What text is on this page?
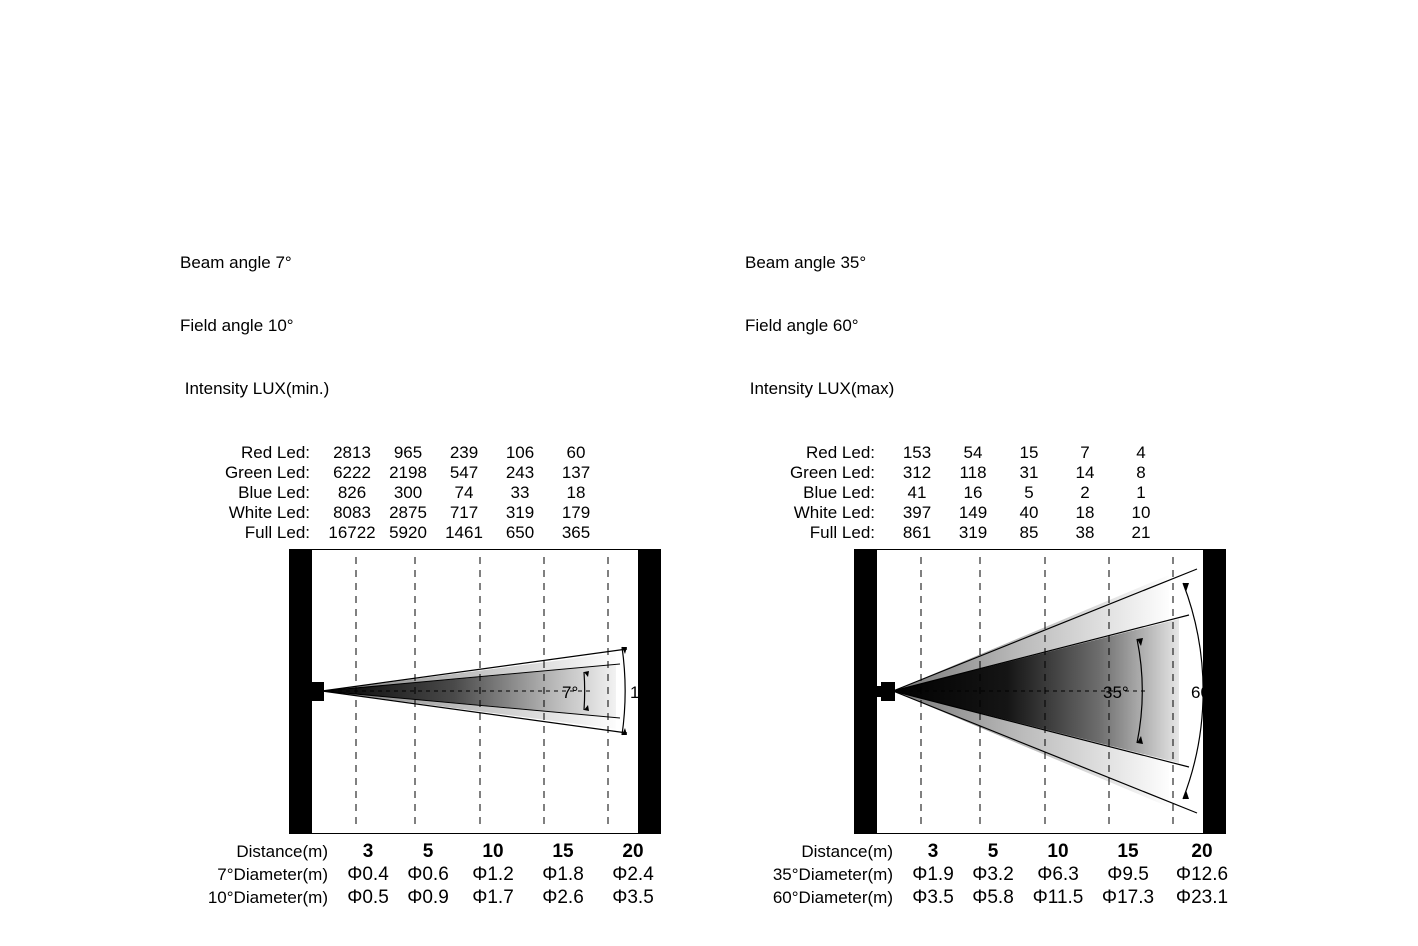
Beam angle 7°

Field angle 10°

Intensity LUX(min.)

Red Led:	2813	965	239	106	60
Green Led:	6222	2198	547	243	137
Blue Led:	826	300	74	33	18
White Led:	8083	2875	717	319	179
Full Led:	16722	5920	1461	650	365
7°	10°
Distance(m)	3	5	10	15	20
7°Diameter(m)	Φ0.4	Φ0.6	Φ1.2	Φ1.8	Φ2.4
10°Diameter(m)	Φ0.5	Φ0.9	Φ1.7	Φ2.6	Φ3.5

Beam angle 35°

Field angle 60°

Intensity LUX(max)

Red Led:	153	54	15	7	4
Green Led:	312	118	31	14	8
Blue Led:	41	16	5	2	1
White Led:	397	149	40	18	10
Full Led:	861	319	85	38	21
35°	60°
Distance(m)	3	5	10	15	20
35°Diameter(m)	Φ1.9	Φ3.2	Φ6.3	Φ9.5	Φ12.6
60°Diameter(m)	Φ3.5	Φ5.8	Φ11.5	Φ17.3	Φ23.1
